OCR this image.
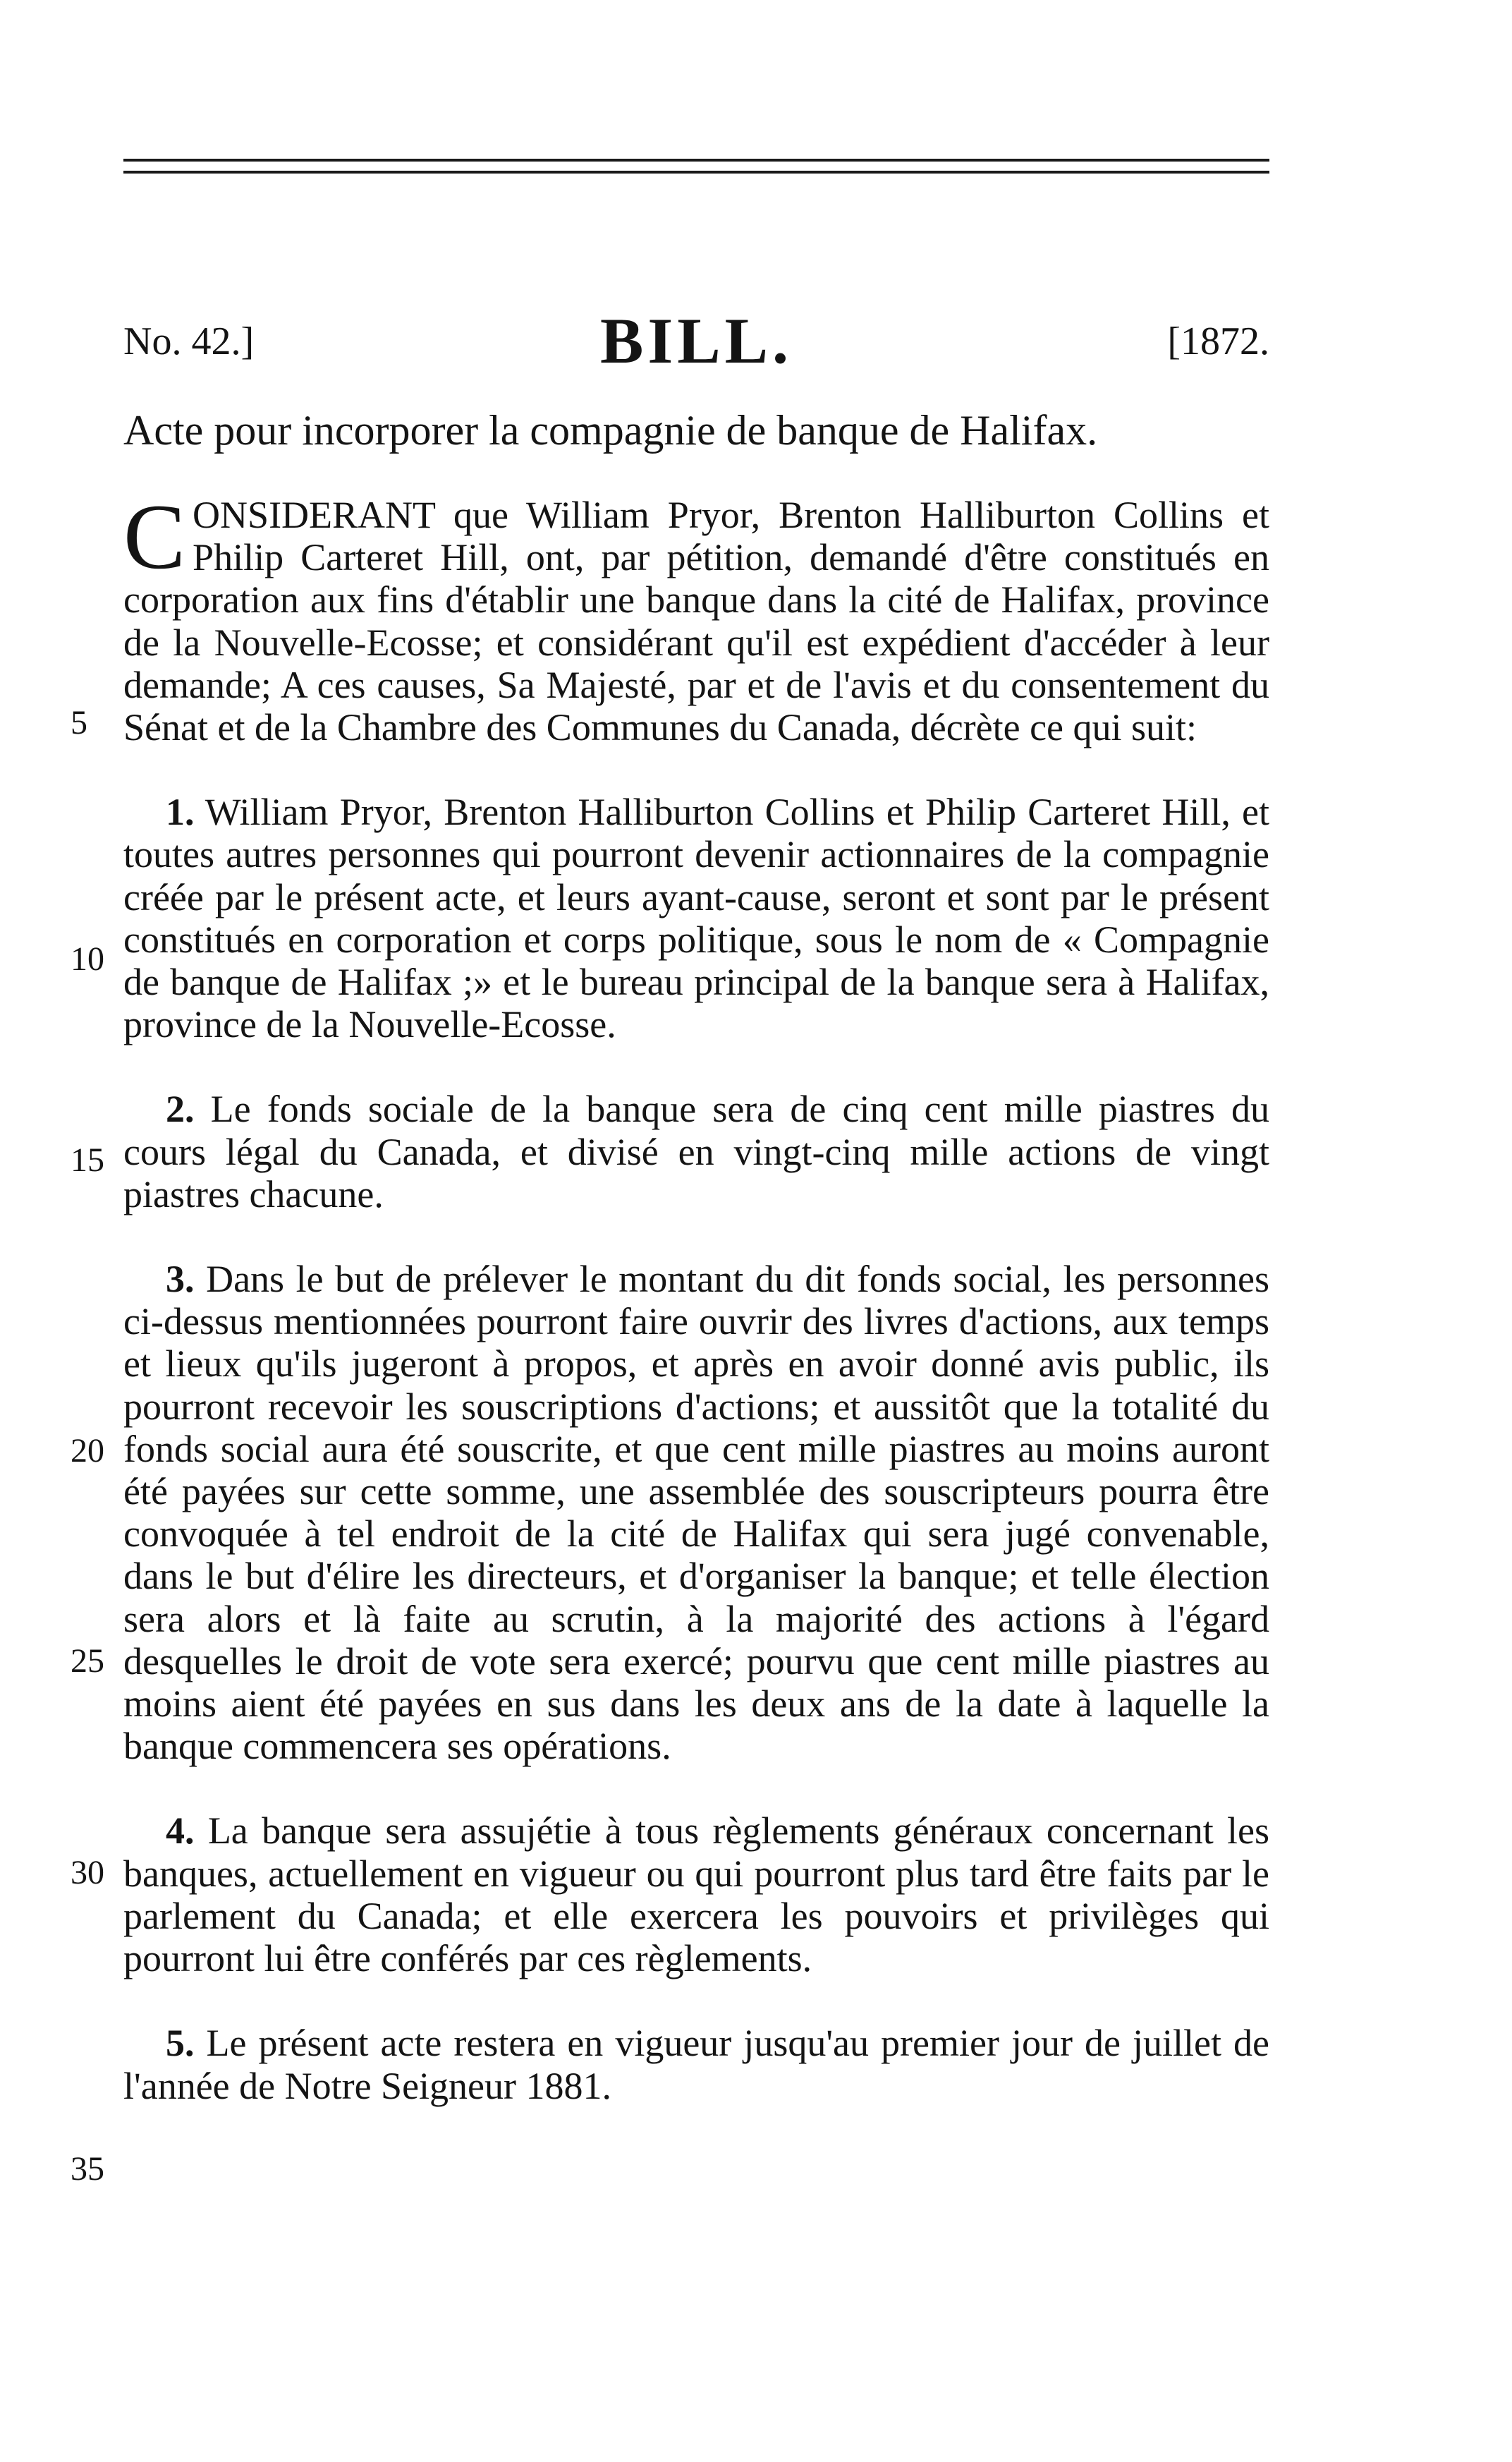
No. 42.]	BILL.	[1872.
Acte pour incorporer la compagnie de banque de Halifax.

C ONSIDERANT que William Pryor, Brenton Halliburton Collins et Philip Carteret Hill, ont, par pétition, demandé d'être constitués en corporation aux fins d'établir une banque dans la cité de Halifax, province de la Nouvelle-Ecosse; et considérant qu'il est expédient d'accéder à leur demande; A ces causes, Sa Majesté, par et de l'avis et du consentement du Sénat et de la Chambre des Communes du Canada, décrète ce qui suit:

1. William Pryor, Brenton Halliburton Collins et Philip Carteret Hill, et toutes autres personnes qui pourront devenir actionnaires de la compagnie créée par le présent acte, et leurs ayant-cause, seront et sont par le présent constitués en corporation et corps politique, sous le nom de « Compagnie de banque de Halifax ;» et le bureau principal de la banque sera à Halifax, province de la Nouvelle-Ecosse.

2. Le fonds sociale de la banque sera de cinq cent mille piastres du cours légal du Canada, et divisé en vingt-cinq mille actions de vingt piastres chacune.

3. Dans le but de prélever le montant du dit fonds social, les personnes ci-dessus mentionnées pourront faire ouvrir des livres d'actions, aux temps et lieux qu'ils jugeront à propos, et après en avoir donné avis public, ils pourront recevoir les souscriptions d'actions; et aussitôt que la totalité du fonds social aura été souscrite, et que cent mille piastres au moins auront été payées sur cette somme, une assemblée des souscripteurs pourra être convoquée à tel endroit de la cité de Halifax qui sera jugé convenable, dans le but d'élire les directeurs, et d'organiser la banque; et telle élection sera alors et là faite au scrutin, à la majorité des actions à l'égard desquelles le droit de vote sera exercé; pourvu que cent mille piastres au moins aient été payées en sus dans les deux ans de la date à laquelle la banque commencera ses opérations.

4. La banque sera assujétie à tous règlements généraux concernant les banques, actuellement en vigueur ou qui pourront plus tard être faits par le parlement du Canada; et elle exercera les pouvoirs et privilèges qui pourront lui être conférés par ces règlements.

5. Le présent acte restera en vigueur jusqu'au premier jour de juillet de l'année de Notre Seigneur 1881.

5
10
15
20
25
30
35
